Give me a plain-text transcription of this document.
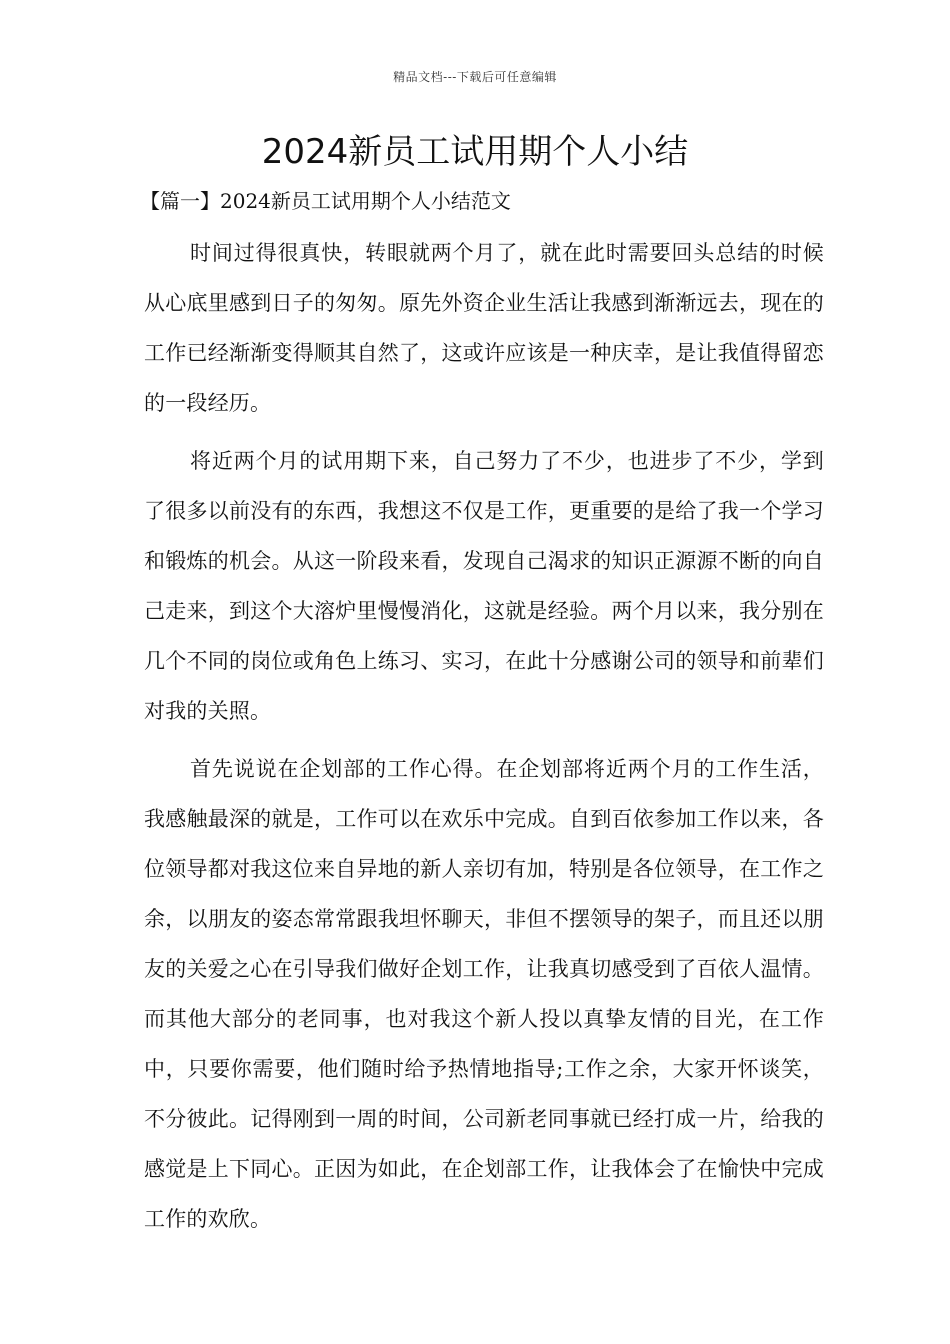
精品文档---下载后可任意编辑
2024新员工试用期个人小结
【篇一】2024新员工试用期个人小结范文

时间过得很真快，转眼就两个月了，就在此时需要回头总结的时候从心底里感到日子的匆匆。原先外资企业生活让我感到渐渐远去，现在的工作已经渐渐变得顺其自然了，这或许应该是一种庆幸，是让我值得留恋的一段经历。

将近两个月的试用期下来，自己努力了不少，也进步了不少，学到了很多以前没有的东西，我想这不仅是工作，更重要的是给了我一个学习和锻炼的机会。从这一阶段来看，发现自己渴求的知识正源源不断的向自己走来，到这个大溶炉里慢慢消化，这就是经验。两个月以来，我分别在几个不同的岗位或角色上练习、实习，在此十分感谢公司的领导和前辈们对我的关照。

首先说说在企划部的工作心得。在企划部将近两个月的工作生活，我感触最深的就是，工作可以在欢乐中完成。自到百依参加工作以来，各位领导都对我这位来自异地的新人亲切有加，特别是各位领导，在工作之余，以朋友的姿态常常跟我坦怀聊天，非但不摆领导的架子，而且还以朋友的关爱之心在引导我们做好企划工作，让我真切感受到了百依人温情。而其他大部分的老同事，也对我这个新人投以真挚友情的目光，在工作中，只要你需要，他们随时给予热情地指导;工作之余，大家开怀谈笑，不分彼此。记得刚到一周的时间，公司新老同事就已经打成一片，给我的感觉是上下同心。正因为如此，在企划部工作，让我体会了在愉快中完成工作的欢欣。
